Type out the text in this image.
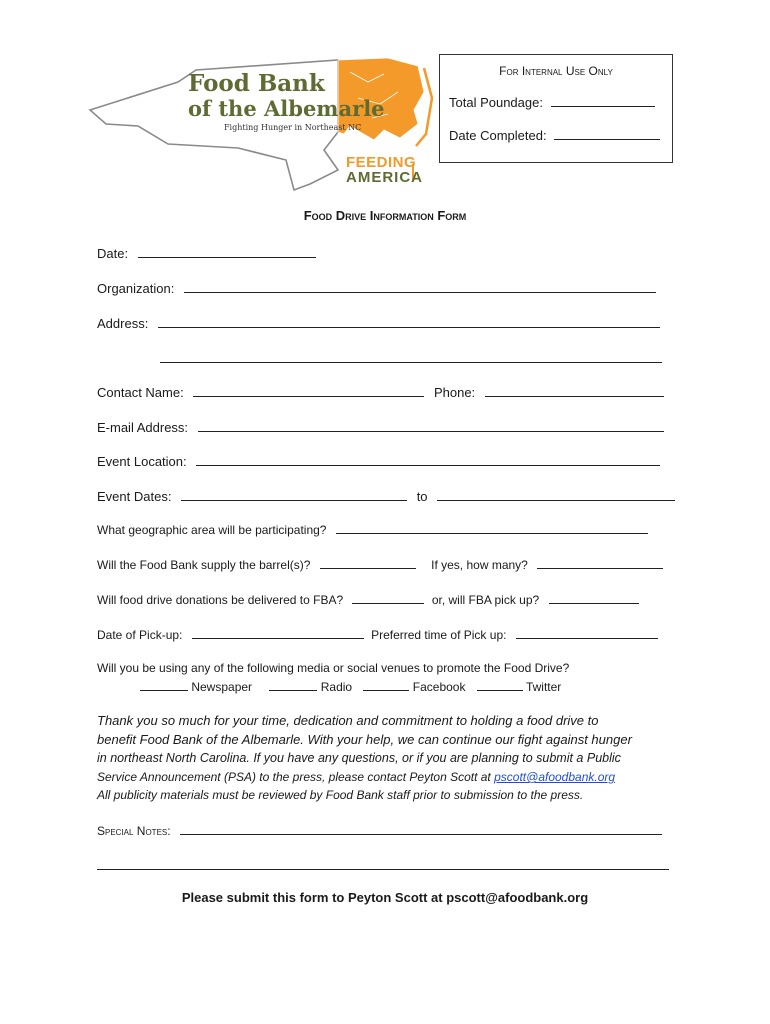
Food Bank
of the Albemarle
Fighting Hunger in Northeast NC
FEEDING
AMERICA
For Internal Use Only
Total Poundage:
Date Completed:
Food Drive Information Form
Date:
Organization:
Address:
Contact Name:	Phone:
E-mail Address:
Event Location:
Event Dates:	to
What geographic area will be participating?
Will the Food Bank supply the barrel(s)?	If yes, how many?
Will food drive donations be delivered to FBA?	or, will FBA pick up?
Date of Pick-up:	Preferred time of Pick up:
Will you be using any of the following media or social venues to promote the Food Drive?
Newspaper	Radio	Facebook	Twitter
Thank you so much for your time, dedication and commitment to holding a food drive to
benefit Food Bank of the Albemarle. With your help, we can continue our fight against hunger
in northeast North Carolina. If you have any questions, or if you are planning to submit a Public
Service Announcement (PSA) to the press, please contact Peyton Scott at pscott@afoodbank.org
All publicity materials must be reviewed by Food Bank staff prior to submission to the press.
Special Notes:
Please submit this form to Peyton Scott at pscott@afoodbank.org
